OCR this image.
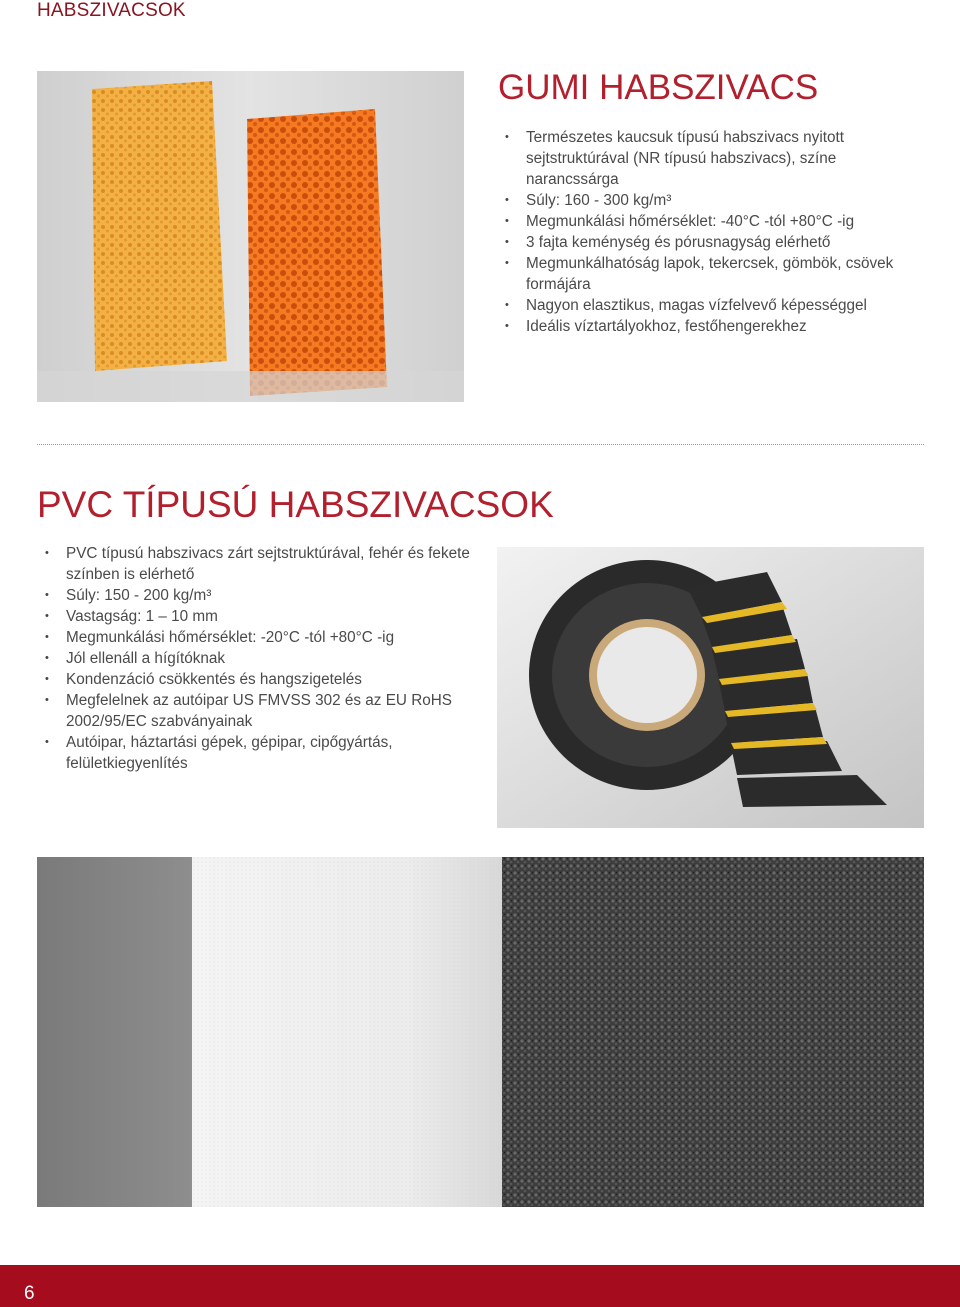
HABSZIVACSOK
GUMI HABSZIVACS
• Természetes kaucsuk típusú habszivacs nyitott sejtstruktúrával (NR típusú habszivacs), színe narancssárga
• Súly: 160 - 300 kg/m³
• Megmunkálási hőmérséklet: -40°C -tól +80°C -ig
• 3 fajta keménység és pórusnagyság elérhető
• Megmunkálhatóság lapok, tekercsek, gömbök, csövek formájára
• Nagyon elasztikus, magas vízfelvevő képességgel
• Ideális víztartályokhoz, festőhengerekhez
PVC TÍPUSÚ HABSZIVACSOK
• PVC típusú habszivacs zárt sejtstruktúrával, fehér és fekete színben is elérhető
• Súly: 150 - 200 kg/m³
• Vastagság: 1 – 10 mm
• Megmunkálási hőmérséklet: -20°C -tól +80°C -ig
• Jól ellenáll a hígítóknak
• Kondenzáció csökkentés és hangszigetelés
• Megfelelnek az autóipar US FMVSS 302 és az EU RoHS 2002/95/EC szabványainak
• Autóipar, háztartási gépek, gépipar, cipőgyártás, felületkiegyenlítés
6
